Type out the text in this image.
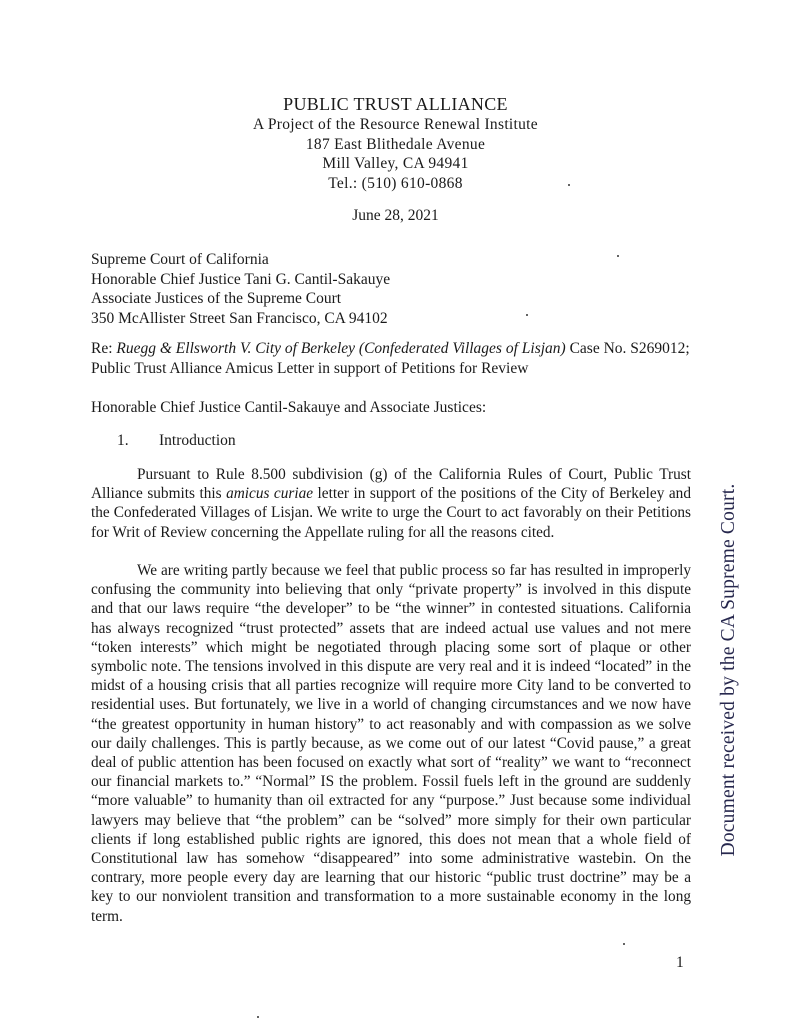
PUBLIC TRUST ALLIANCE
A Project of the Resource Renewal Institute
187 East Blithedale Avenue
Mill Valley, CA 94941
Tel.: (510) 610-0868
June 28, 2021
Supreme Court of California
Honorable Chief Justice Tani G. Cantil-Sakauye
Associate Justices of the Supreme Court
350 McAllister Street San Francisco, CA 94102
Re: Ruegg & Ellsworth V. City of Berkeley (Confederated Villages of Lisjan) Case No. S269012;
Public Trust Alliance Amicus Letter in support of Petitions for Review
Honorable Chief Justice Cantil-Sakauye and Associate Justices:
1. Introduction
Pursuant to Rule 8.500 subdivision (g) of the California Rules of Court, Public Trust Alliance submits this amicus curiae letter in support of the positions of the City of Berkeley and the Confederated Villages of Lisjan. We write to urge the Court to act favorably on their Petitions for Writ of Review concerning the Appellate ruling for all the reasons cited.
We are writing partly because we feel that public process so far has resulted in improperly confusing the community into believing that only “private property” is involved in this dispute and that our laws require “the developer” to be “the winner” in contested situations. California has always recognized “trust protected” assets that are indeed actual use values and not mere “token interests” which might be negotiated through placing some sort of plaque or other symbolic note. The tensions involved in this dispute are very real and it is indeed “located” in the midst of a housing crisis that all parties recognize will require more City land to be converted to residential uses. But fortunately, we live in a world of changing circumstances and we now have “the greatest opportunity in human history” to act reasonably and with compassion as we solve our daily challenges. This is partly because, as we come out of our latest “Covid pause,” a great deal of public attention has been focused on exactly what sort of “reality” we want to “reconnect our financial markets to.” “Normal” IS the problem. Fossil fuels left in the ground are suddenly “more valuable” to humanity than oil extracted for any “purpose.” Just because some individual lawyers may believe that “the problem” can be “solved” more simply for their own particular clients if long established public rights are ignored, this does not mean that a whole field of Constitutional law has somehow “disappeared” into some administrative wastebin. On the contrary, more people every day are learning that our historic “public trust doctrine” may be a key to our nonviolent transition and transformation to a more sustainable economy in the long term.
Document received by the CA Supreme Court.
1
